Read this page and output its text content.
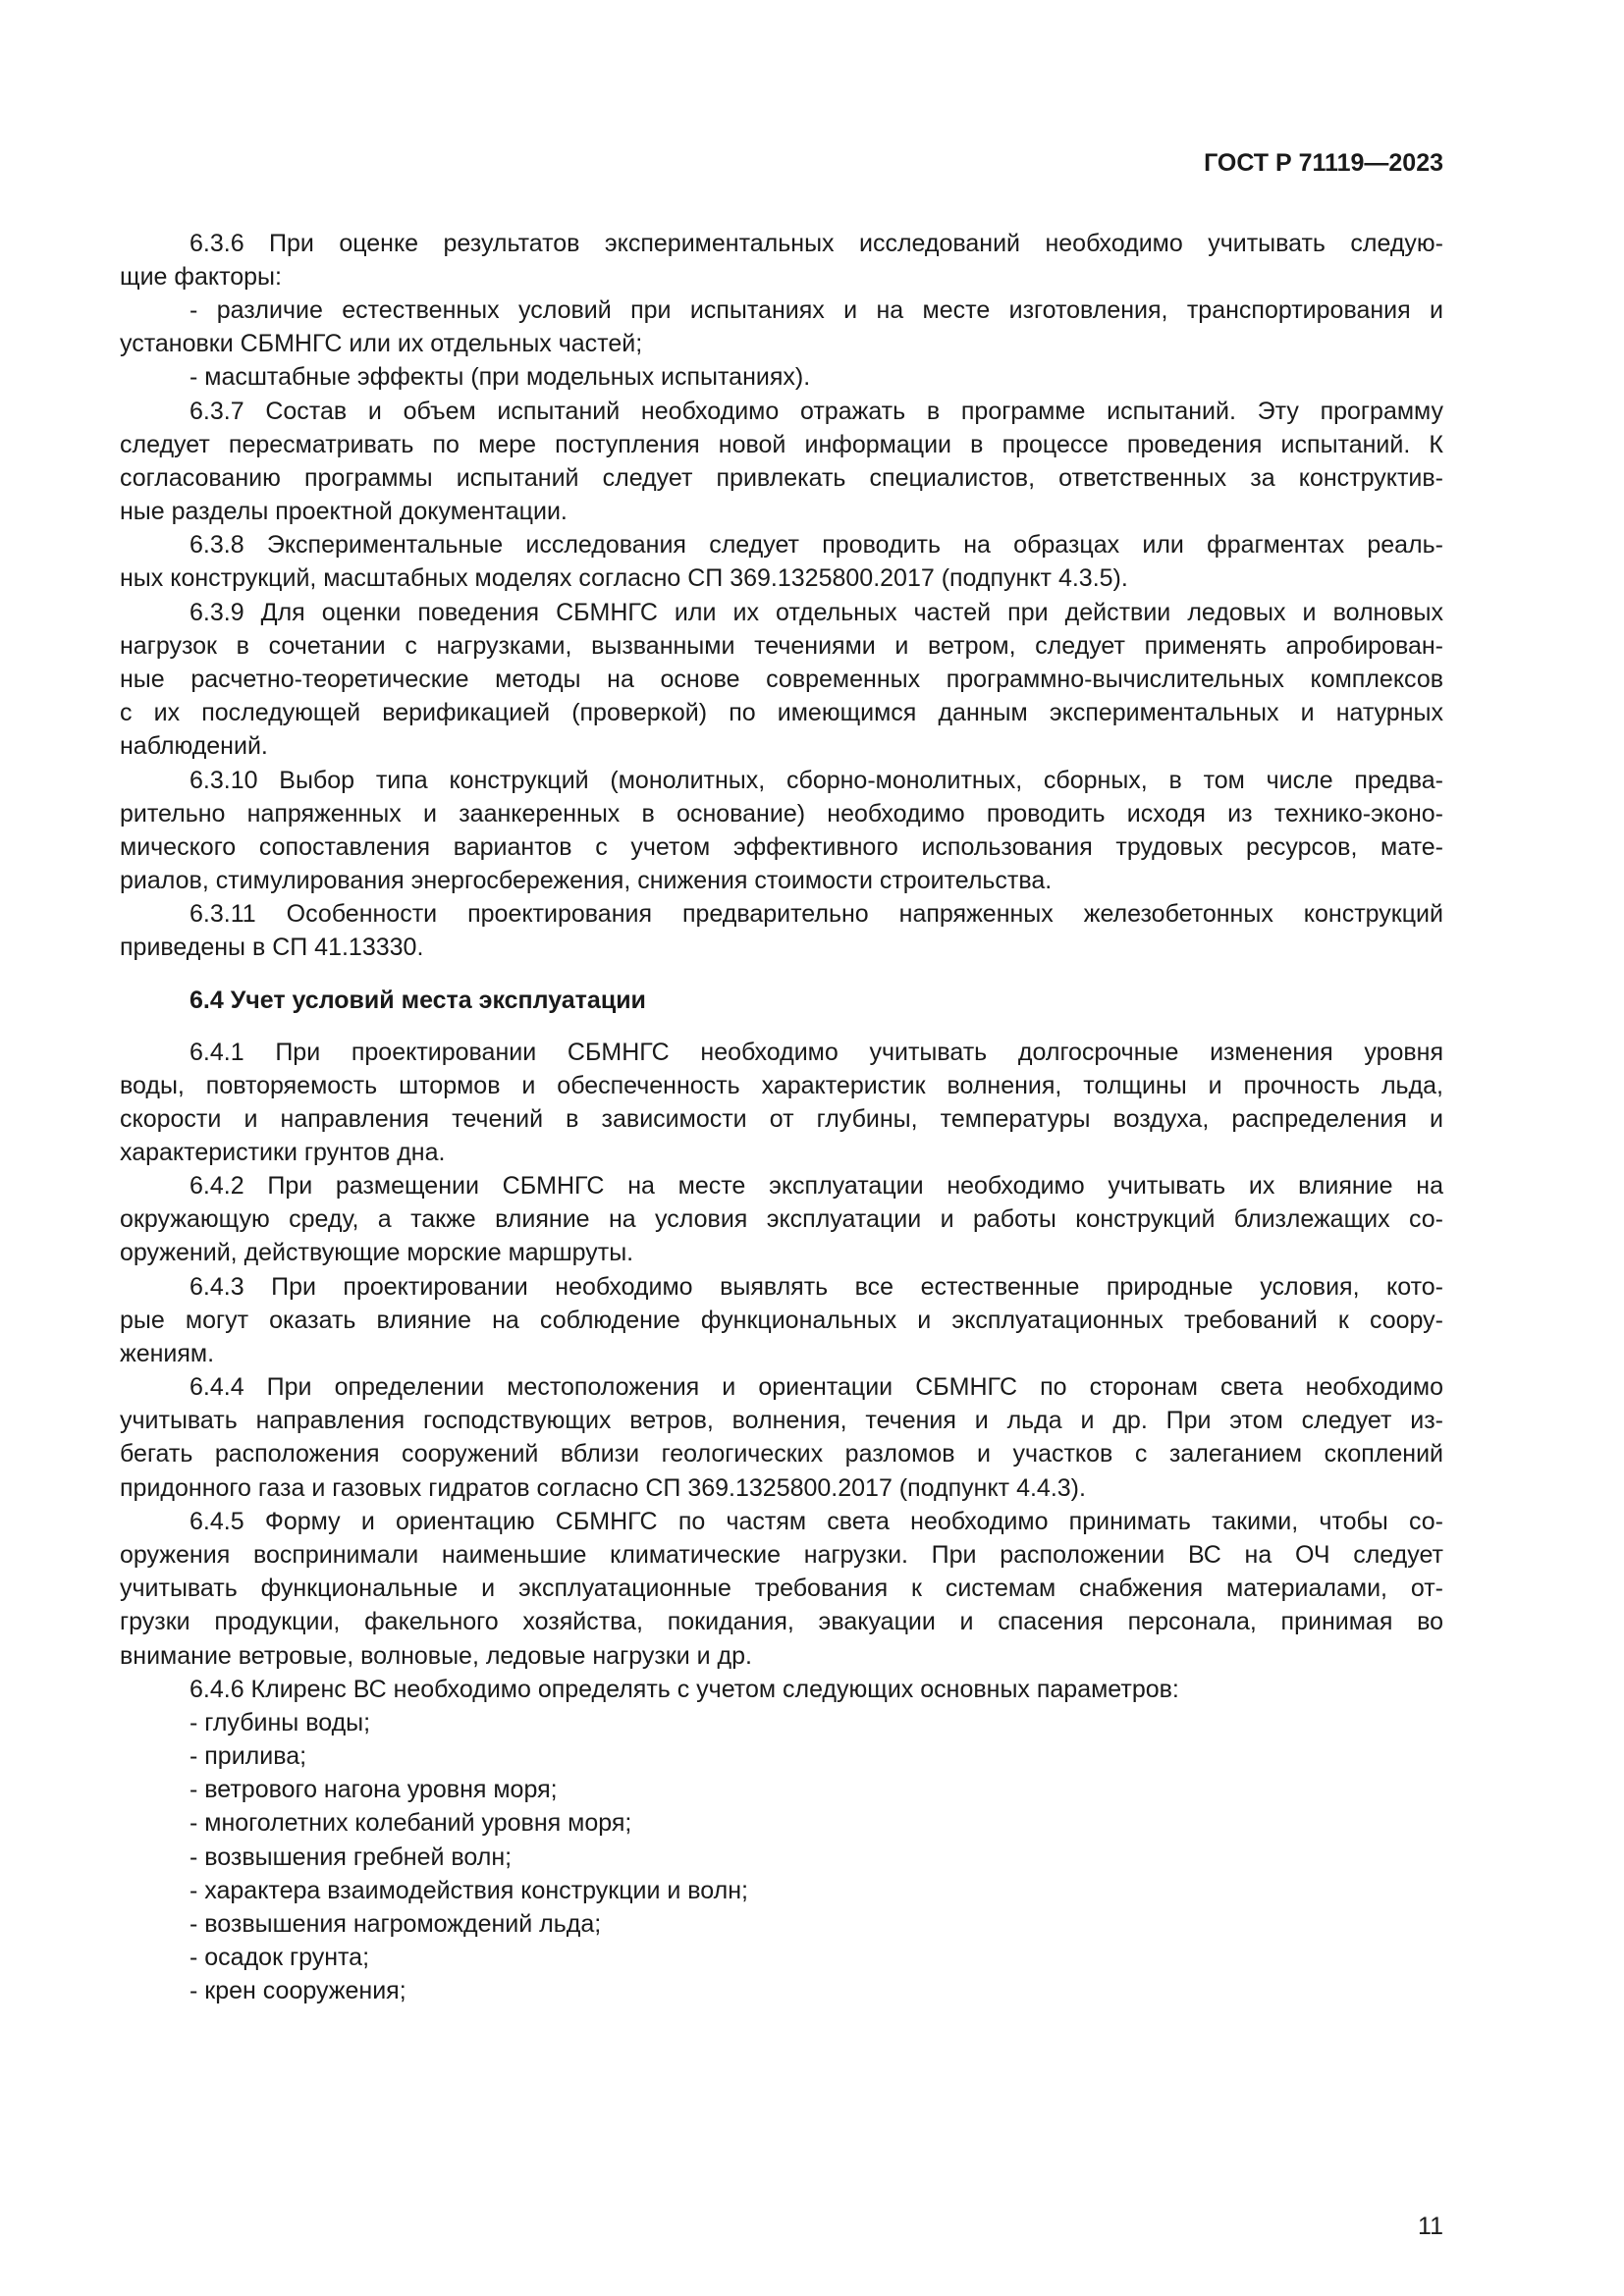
ГОСТ Р 71119—2023
6.3.6 При оценке результатов экспериментальных исследований необходимо учитывать следую-
щие факторы:
- различие естественных условий при испытаниях и на месте изготовления, транспортирования и
установки СБМНГС или их отдельных частей;
- масштабные эффекты (при модельных испытаниях).
6.3.7 Состав и объем испытаний необходимо отражать в программе испытаний. Эту программу
следует пересматривать по мере поступления новой информации в процессе проведения испытаний. К
согласованию программы испытаний следует привлекать специалистов, ответственных за конструктив-
ные разделы проектной документации.
6.3.8 Экспериментальные исследования следует проводить на образцах или фрагментах реаль-
ных конструкций, масштабных моделях согласно СП 369.1325800.2017 (подпункт 4.3.5).
6.3.9 Для оценки поведения СБМНГС или их отдельных частей при действии ледовых и волновых
нагрузок в сочетании с нагрузками, вызванными течениями и ветром, следует применять апробирован-
ные расчетно-теоретические методы на основе современных программно-вычислительных комплексов
с их последующей верификацией (проверкой) по имеющимся данным экспериментальных и натурных
наблюдений.
6.3.10 Выбор типа конструкций (монолитных, сборно-монолитных, сборных, в том числе предва-
рительно напряженных и заанкеренных в основание) необходимо проводить исходя из технико-эконо-
мического сопоставления вариантов с учетом эффективного использования трудовых ресурсов, мате-
риалов, стимулирования энергосбережения, снижения стоимости строительства.
6.3.11 Особенности проектирования предварительно напряженных железобетонных конструкций
приведены в СП 41.13330.
6.4 Учет условий места эксплуатации
6.4.1 При проектировании СБМНГС необходимо учитывать долгосрочные изменения уровня
воды, повторяемость штормов и обеспеченность характеристик волнения, толщины и прочность льда,
скорости и направления течений в зависимости от глубины, температуры воздуха, распределения и
характеристики грунтов дна.
6.4.2 При размещении СБМНГС на месте эксплуатации необходимо учитывать их влияние на
окружающую среду, а также влияние на условия эксплуатации и работы конструкций близлежащих со-
оружений, действующие морские маршруты.
6.4.3 При проектировании необходимо выявлять все естественные природные условия, кото-
рые могут оказать влияние на соблюдение функциональных и эксплуатационных требований к соору-
жениям.
6.4.4 При определении местоположения и ориентации СБМНГС по сторонам света необходимо
учитывать направления господствующих ветров, волнения, течения и льда и др. При этом следует из-
бегать расположения сооружений вблизи геологических разломов и участков с залеганием скоплений
придонного газа и газовых гидратов согласно СП 369.1325800.2017 (подпункт 4.4.3).
6.4.5 Форму и ориентацию СБМНГС по частям света необходимо принимать такими, чтобы со-
оружения воспринимали наименьшие климатические нагрузки. При расположении ВС на ОЧ следует
учитывать функциональные и эксплуатационные требования к системам снабжения материалами, от-
грузки продукции, факельного хозяйства, покидания, эвакуации и спасения персонала, принимая во
внимание ветровые, волновые, ледовые нагрузки и др.
6.4.6 Клиренс ВС необходимо определять с учетом следующих основных параметров:
- глубины воды;
- прилива;
- ветрового нагона уровня моря;
- многолетних колебаний уровня моря;
- возвышения гребней волн;
- характера взаимодействия конструкции и волн;
- возвышения нагромождений льда;
- осадок грунта;
- крен сооружения;
11
